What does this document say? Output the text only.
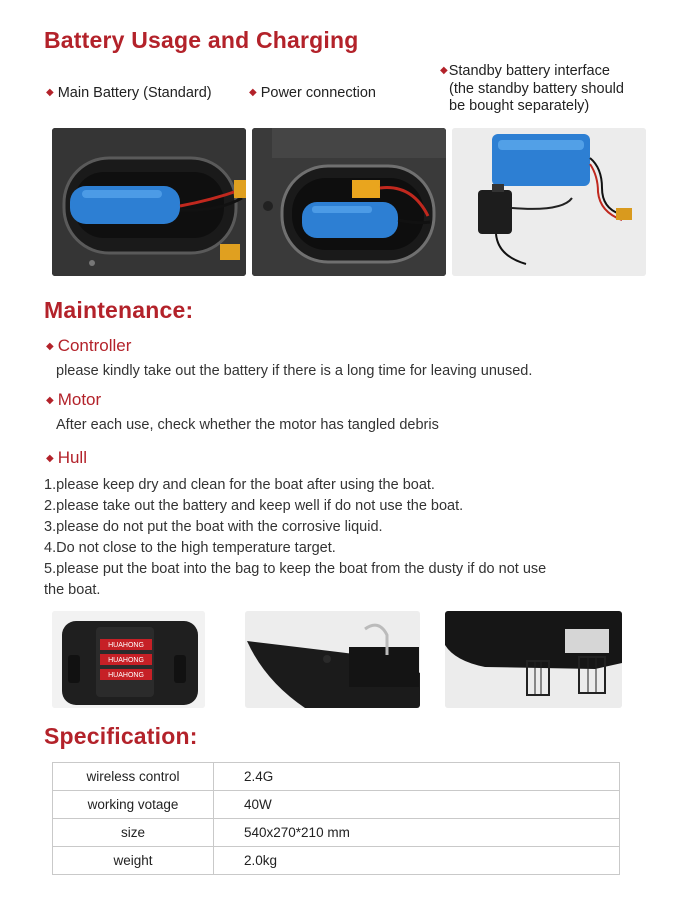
Battery Usage and Charging
◆ Main Battery (Standard)	◆ Power connection
◆Standby battery interface
(the standby battery should
be bought separately)
Maintenance:
◆ Controller
please kindly take out the battery if there is a long time for leaving unused.
◆ Motor
After each use, check whether the motor has tangled debris
◆ Hull
1.please keep dry and clean for the boat after using the boat.
2.please take out the battery and keep well if do not use the boat.
3.please do not put the boat with the corrosive liquid.
4.Do not close to the high temperature target.
5.please put the boat into the bag to keep the boat from the dusty if do not use
the boat.
HUAHONG
HUAHONG
HUAHONG
Specification:
wireless control	2.4G
working votage	40W
size	540x270*210 mm
weight	2.0kg
